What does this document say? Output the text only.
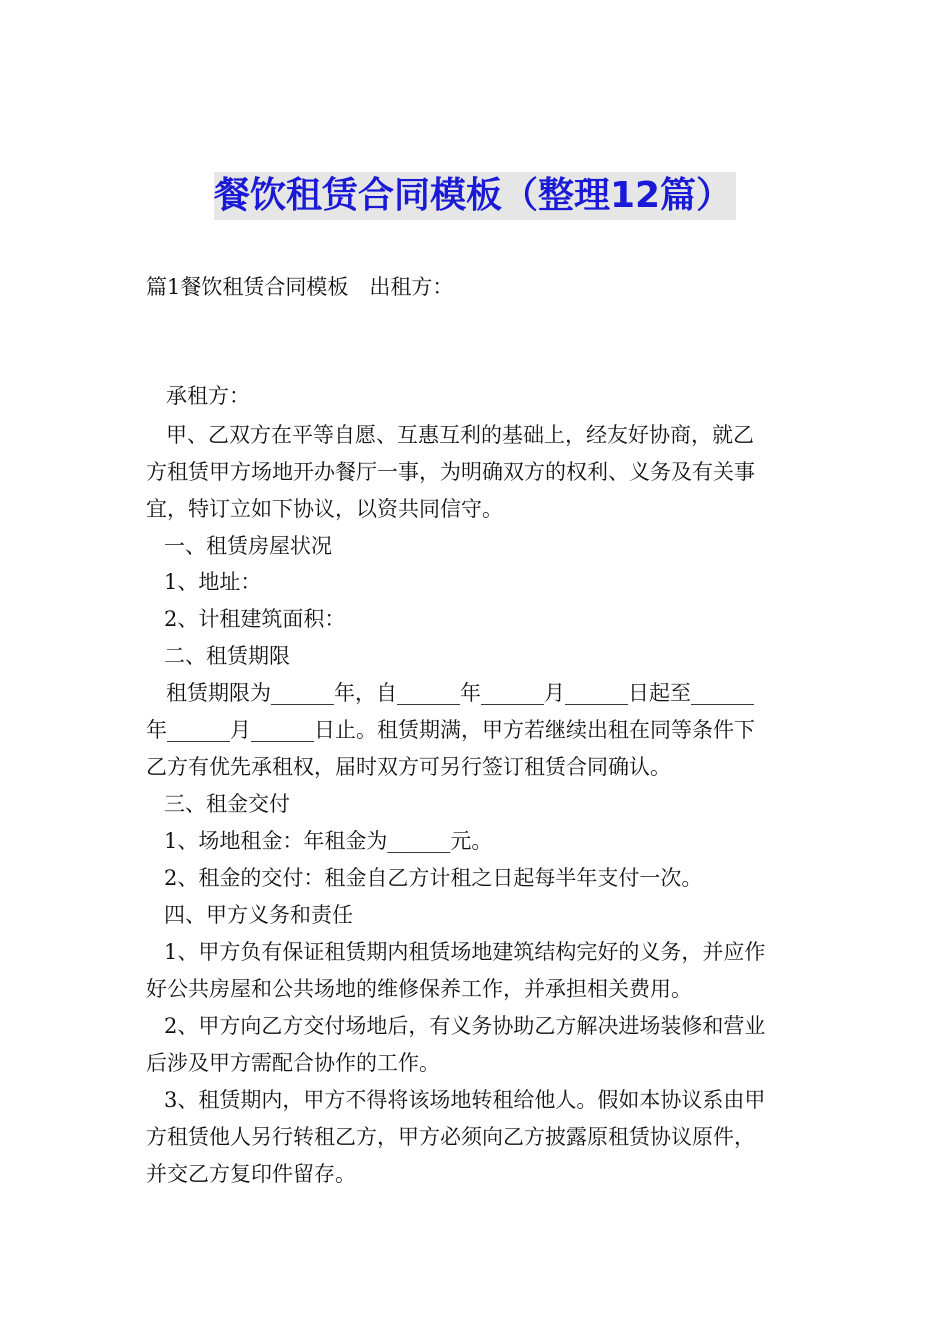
餐饮租赁合同模板（整理12篇）
篇1餐饮租赁合同模板　出租方：
承租方：
甲、乙双方在平等自愿、互惠互利的基础上，经友好协商，就乙
方租赁甲方场地开办餐厅一事，为明确双方的权利、义务及有关事
宜，特订立如下协议，以资共同信守。
一、租赁房屋状况
1、地址：
2、计租建筑面积：
二、租赁期限
租赁期限为______年，自______年______月______日起至______
年______月______日止。租赁期满，甲方若继续出租在同等条件下
乙方有优先承租权，届时双方可另行签订租赁合同确认。
三、租金交付
1、场地租金：年租金为______元。
2、租金的交付：租金自乙方计租之日起每半年支付一次。
四、甲方义务和责任
1、甲方负有保证租赁期内租赁场地建筑结构完好的义务，并应作
好公共房屋和公共场地的维修保养工作，并承担相关费用。
2、甲方向乙方交付场地后，有义务协助乙方解决进场装修和营业
后涉及甲方需配合协作的工作。
3、租赁期内，甲方不得将该场地转租给他人。假如本协议系由甲
方租赁他人另行转租乙方，甲方必须向乙方披露原租赁协议原件，
并交乙方复印件留存。
